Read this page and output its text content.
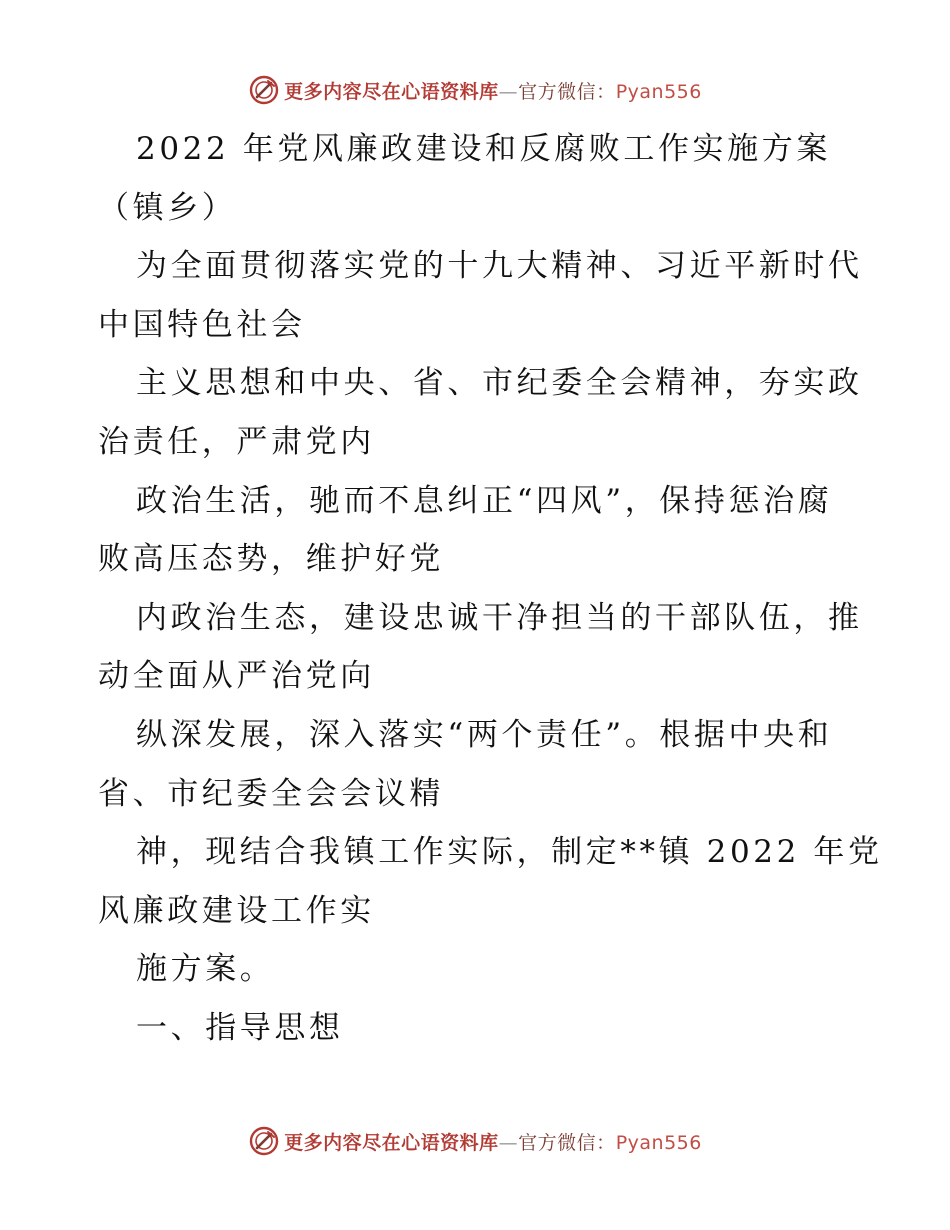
更多内容尽在心语资料库—官方微信：Pyan556
2022 年党风廉政建设和反腐败工作实施方案
（镇乡）
为全面贯彻落实党的十九大精神、习近平新时代
中国特色社会
主义思想和中央、省、市纪委全会精神，夯实政
治责任，严肃党内
政治生活，驰而不息纠正“四风”，保持惩治腐
败高压态势，维护好党
内政治生态，建设忠诚干净担当的干部队伍，推
动全面从严治党向
纵深发展，深入落实“两个责任”。根据中央和
省、市纪委全会会议精
神，现结合我镇工作实际，制定**镇 2022 年党
风廉政建设工作实
施方案。
一、指导思想
更多内容尽在心语资料库—官方微信：Pyan556
